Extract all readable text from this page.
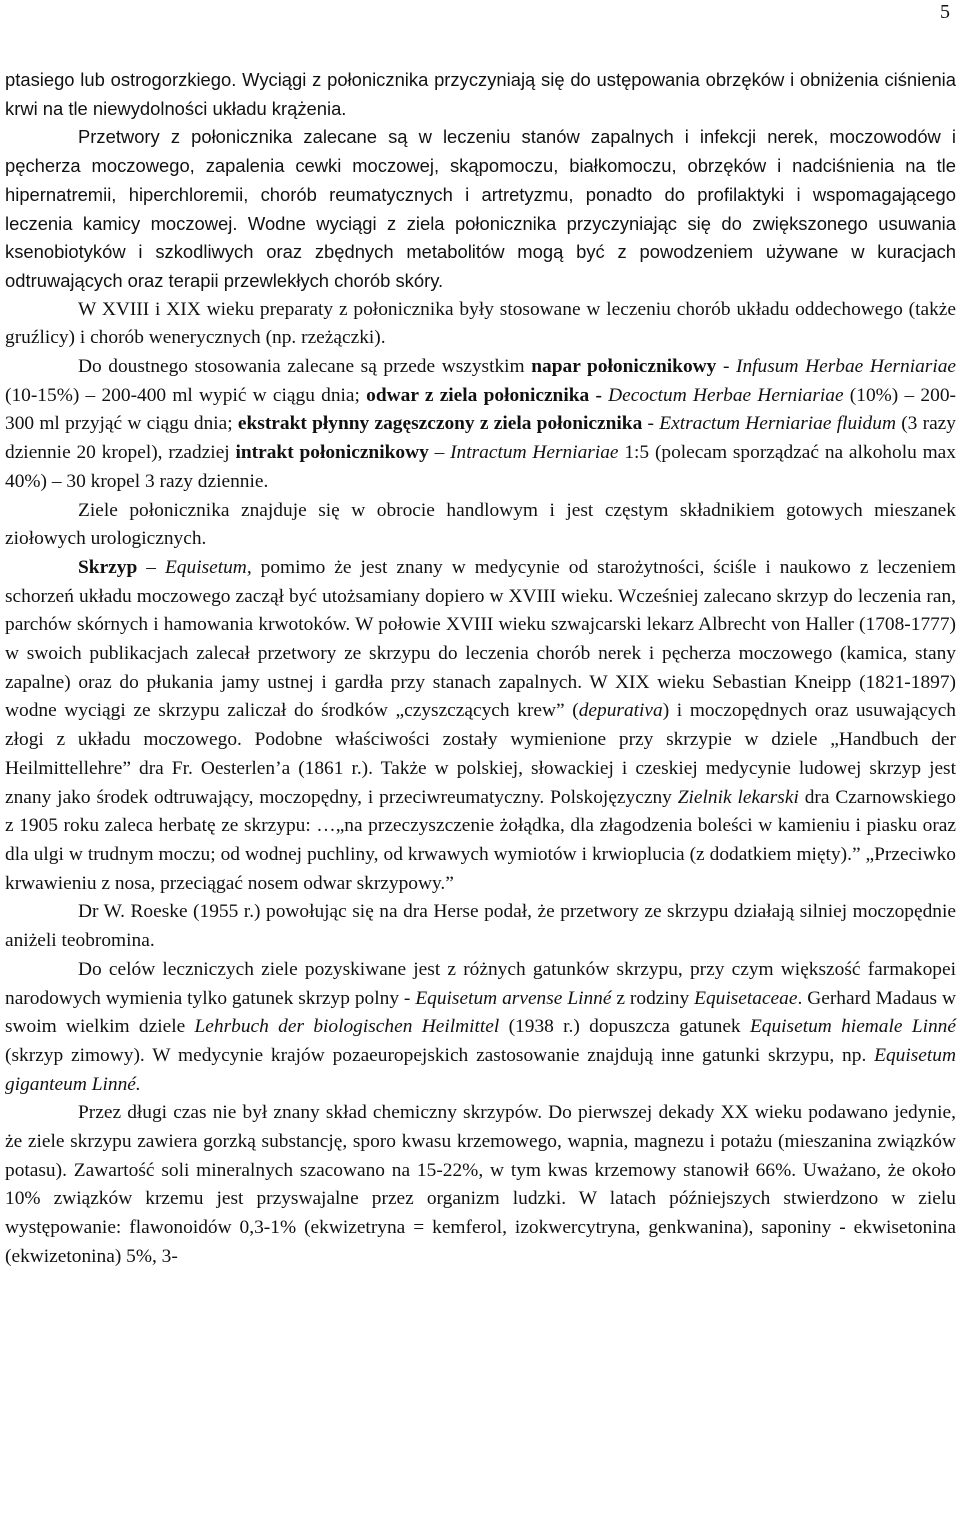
5

ptasiego lub ostrogorzkiego. Wyciągi z połonicznika przyczyniają się do ustępowania obrzęków i obniżenia ciśnienia krwi na tle niewydolności układu krążenia.

Przetwory z połonicznika zalecane są w leczeniu stanów zapalnych i infekcji nerek, moczowodów i pęcherza moczowego, zapalenia cewki moczowej, skąpomoczu, białkomoczu, obrzęków i nadciśnienia na tle hipernatremii, hiperchloremii, chorób reumatycznych i artretyzmu, ponadto do profilaktyki i wspomagającego leczenia kamicy moczowej. Wodne wyciągi z ziela połonicznika przyczyniając się do zwiększonego usuwania ksenobiotyków i szkodliwych oraz zbędnych metabolitów mogą być z powodzeniem używane w kuracjach odtruwających oraz terapii przewlekłych chorób skóry.

W XVIII i XIX wieku preparaty z połonicznika były stosowane w leczeniu chorób układu oddechowego (także gruźlicy) i chorób wenerycznych (np. rzeżączki).

Do doustnego stosowania zalecane są przede wszystkim napar połonicznikowy - Infusum Herbae Herniariae (10-15%) – 200-400 ml wypić w ciągu dnia; odwar z ziela połonicznika - Decoctum Herbae Herniariae (10%) – 200-300 ml przyjąć w ciągu dnia; ekstrakt płynny zagęszczony z ziela połonicznika - Extractum Herniariae fluidum (3 razy dziennie 20 kropel), rzadziej intrakt połonicznikowy – Intractum Herniariae 1:5 (polecam sporządzać na alkoholu max 40%) – 30 kropel 3 razy dziennie.

Ziele połonicznika znajduje się w obrocie handlowym i jest częstym składnikiem gotowych mieszanek ziołowych urologicznych.

Skrzyp – Equisetum, pomimo że jest znany w medycynie od starożytności, ściśle i naukowo z leczeniem schorzeń układu moczowego zaczął być utożsamiany dopiero w XVIII wieku. Wcześniej zalecano skrzyp do leczenia ran, parchów skórnych i hamowania krwotoków. W połowie XVIII wieku szwajcarski lekarz Albrecht von Haller (1708-1777) w swoich publikacjach zalecał przetwory ze skrzypu do leczenia chorób nerek i pęcherza moczowego (kamica, stany zapalne) oraz do płukania jamy ustnej i gardła przy stanach zapalnych. W XIX wieku Sebastian Kneipp (1821-1897) wodne wyciągi ze skrzypu zaliczał do środków „czyszczących krew” (depurativa) i moczopędnych oraz usuwających złogi z układu moczowego. Podobne właściwości zostały wymienione przy skrzypie w dziele „Handbuch der Heilmittellehre” dra Fr. Oesterlen’a (1861 r.). Także w polskiej, słowackiej i czeskiej medycynie ludowej skrzyp jest znany jako środek odtruwający, moczopędny, i przeciwreumatyczny. Polskojęzyczny Zielnik lekarski dra Czarnowskiego z 1905 roku zaleca herbatę ze skrzypu: …„na przeczyszczenie żołądka, dla złagodzenia boleści w kamieniu i piasku oraz dla ulgi w trudnym moczu; od wodnej puchliny, od krwawych wymiotów i krwioplucia (z dodatkiem mięty).” „Przeciwko krwawieniu z nosa, przeciągać nosem odwar skrzypowy.”

Dr W. Roeske (1955 r.) powołując się na dra Herse podał, że przetwory ze skrzypu działają silniej moczopędnie aniżeli teobromina.

Do celów leczniczych ziele pozyskiwane jest z różnych gatunków skrzypu, przy czym większość farmakopei narodowych wymienia tylko gatunek skrzyp polny - Equisetum arvense Linné z rodziny Equisetaceae. Gerhard Madaus w swoim wielkim dziele Lehrbuch der biologischen Heilmittel (1938 r.) dopuszcza gatunek Equisetum hiemale Linné (skrzyp zimowy). W medycynie krajów pozaeuropejskich zastosowanie znajdują inne gatunki skrzypu, np. Equisetum giganteum Linné.

Przez długi czas nie był znany skład chemiczny skrzypów. Do pierwszej dekady XX wieku podawano jedynie, że ziele skrzypu zawiera gorzką substancję, sporo kwasu krzemowego, wapnia, magnezu i potażu (mieszanina związków potasu). Zawartość soli mineralnych szacowano na 15-22%, w tym kwas krzemowy stanowił 66%. Uważano, że około 10% związków krzemu jest przyswajalne przez organizm ludzki. W latach późniejszych stwierdzono w zielu występowanie: flawonoidów 0,3-1% (ekwizetryna = kemferol, izokwercytryna, genkwanina), saponiny - ekwisetonina (ekwizetonina) 5%, 3-
